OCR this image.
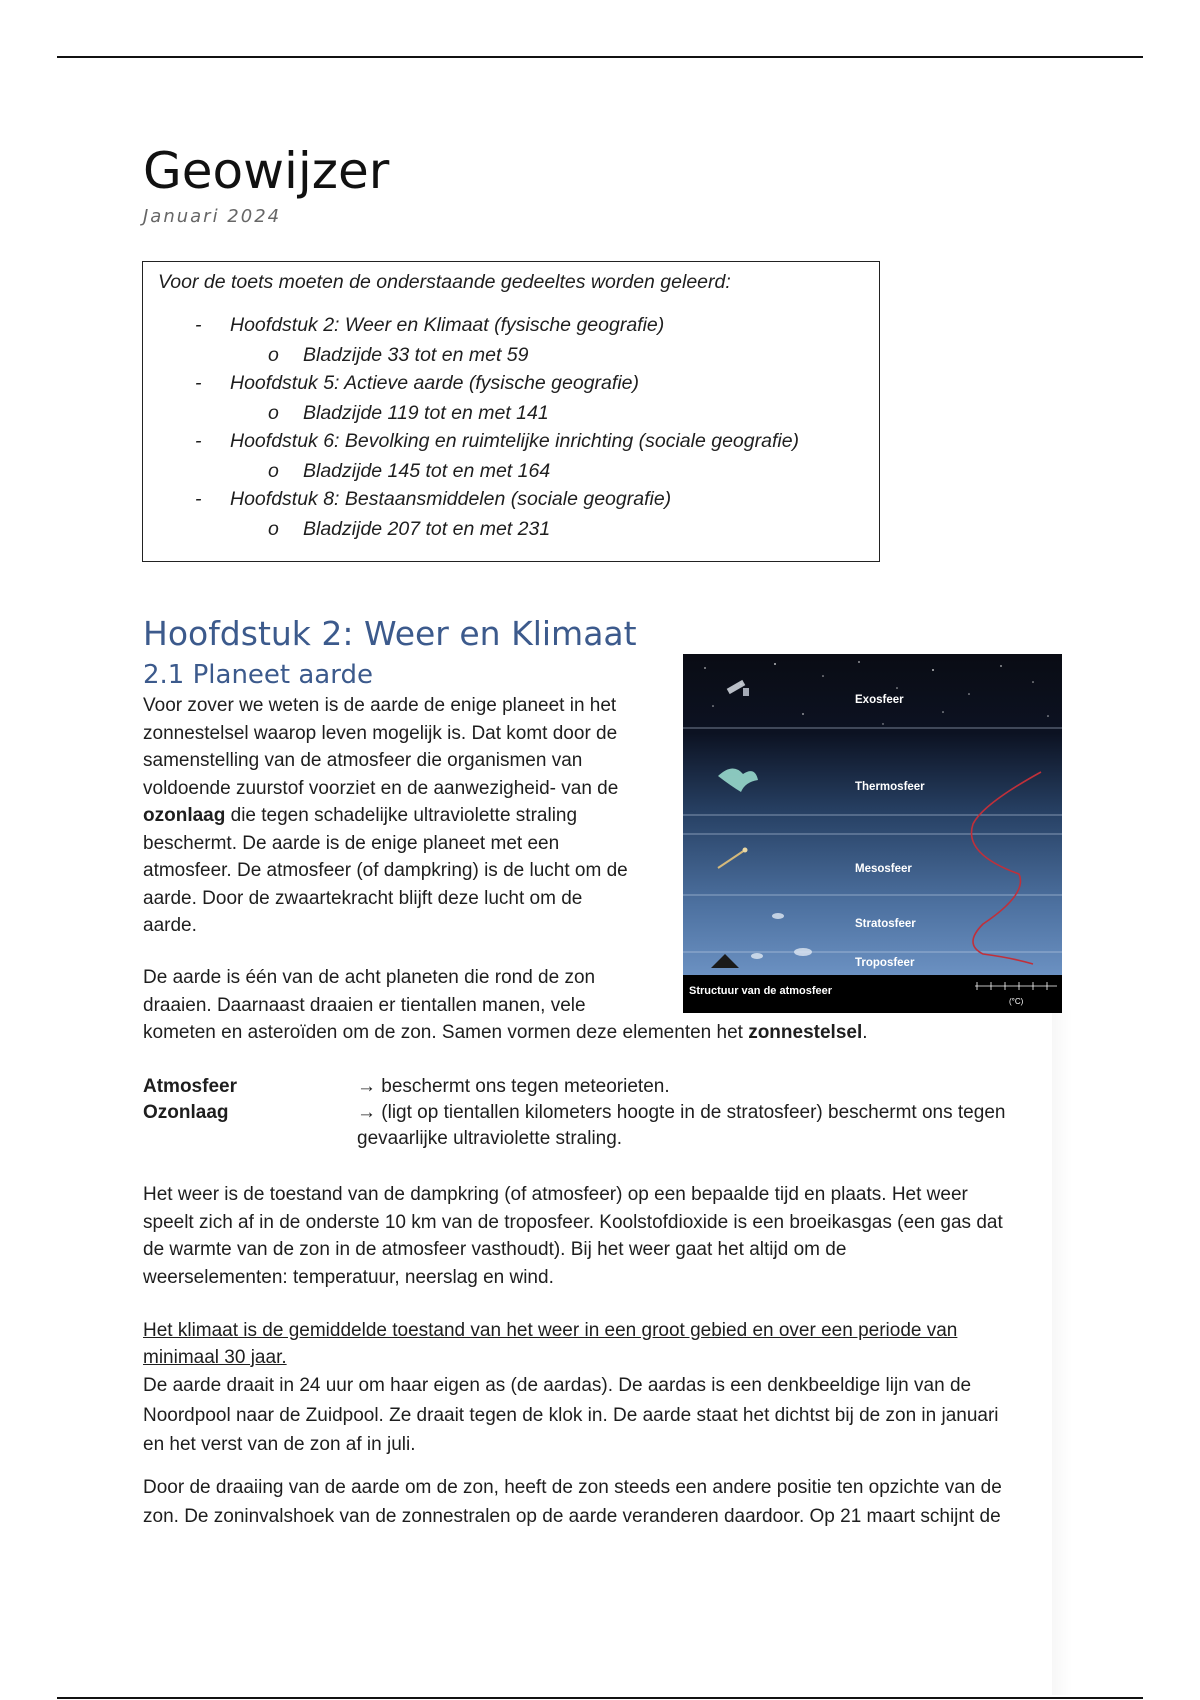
Geowijzer
Januari 2024
Voor de toets moeten de onderstaande gedeeltes worden geleerd:
- Hoofdstuk 2: Weer en Klimaat (fysische geografie)
o Bladzijde 33 tot en met 59
- Hoofdstuk 5: Actieve aarde (fysische geografie)
o Bladzijde 119 tot en met 141
- Hoofdstuk 6: Bevolking en ruimtelijke inrichting (sociale geografie)
o Bladzijde 145 tot en met 164
- Hoofdstuk 8: Bestaansmiddelen (sociale geografie)
o Bladzijde 207 tot en met 231
Hoofdstuk 2: Weer en Klimaat
2.1 Planeet aarde

Voor zover we weten is de aarde de enige planeet in het

zonnestelsel waarop leven mogelijk is. Dat komt door de

samenstelling van de atmosfeer die organismen van

voldoende zuurstof voorziet en de aanwezigheid- van de

ozonlaag die tegen schadelijke ultraviolette straling

beschermt. De aarde is de enige planeet met een

atmosfeer. De atmosfeer (of dampkring) is de lucht om de

aarde. Door de zwaartekracht blijft deze lucht om de

aarde.

Exosfeer
Thermosfeer
Mesosfeer
Stratosfeer
Troposfeer
Structuur van de atmosfeer
(°C)

De aarde is één van de acht planeten die rond de zon

draaien. Daarnaast draaien er tientallen manen, vele

kometen en asteroïden om de zon. Samen vormen deze elementen het zonnestelsel.

Atmosfeer	→ beschermt ons tegen meteorieten.
Ozonlaag	→ (ligt op tientallen kilometers hoogte in de stratosfeer) beschermt ons tegen gevaarlijke ultraviolette straling.

Het weer is de toestand van de dampkring (of atmosfeer) op een bepaalde tijd en plaats. Het weer

speelt zich af in de onderste 10 km van de troposfeer. Koolstofdioxide is een broeikasgas (een gas dat

de warmte van de zon in de atmosfeer vasthoudt). Bij het weer gaat het altijd om de

weerselementen: temperatuur, neerslag en wind.

Het klimaat is de gemiddelde toestand van het weer in een groot gebied en over een periode van

minimaal 30 jaar.

De aarde draait in 24 uur om haar eigen as (de aardas). De aardas is een denkbeeldige lijn van de

Noordpool naar de Zuidpool. Ze draait tegen de klok in. De aarde staat het dichtst bij de zon in januari

en het verst van de zon af in juli.

Door de draaiing van de aarde om de zon, heeft de zon steeds een andere positie ten opzichte van de

zon. De zoninvalshoek van de zonnestralen op de aarde veranderen daardoor. Op 21 maart schijnt de
